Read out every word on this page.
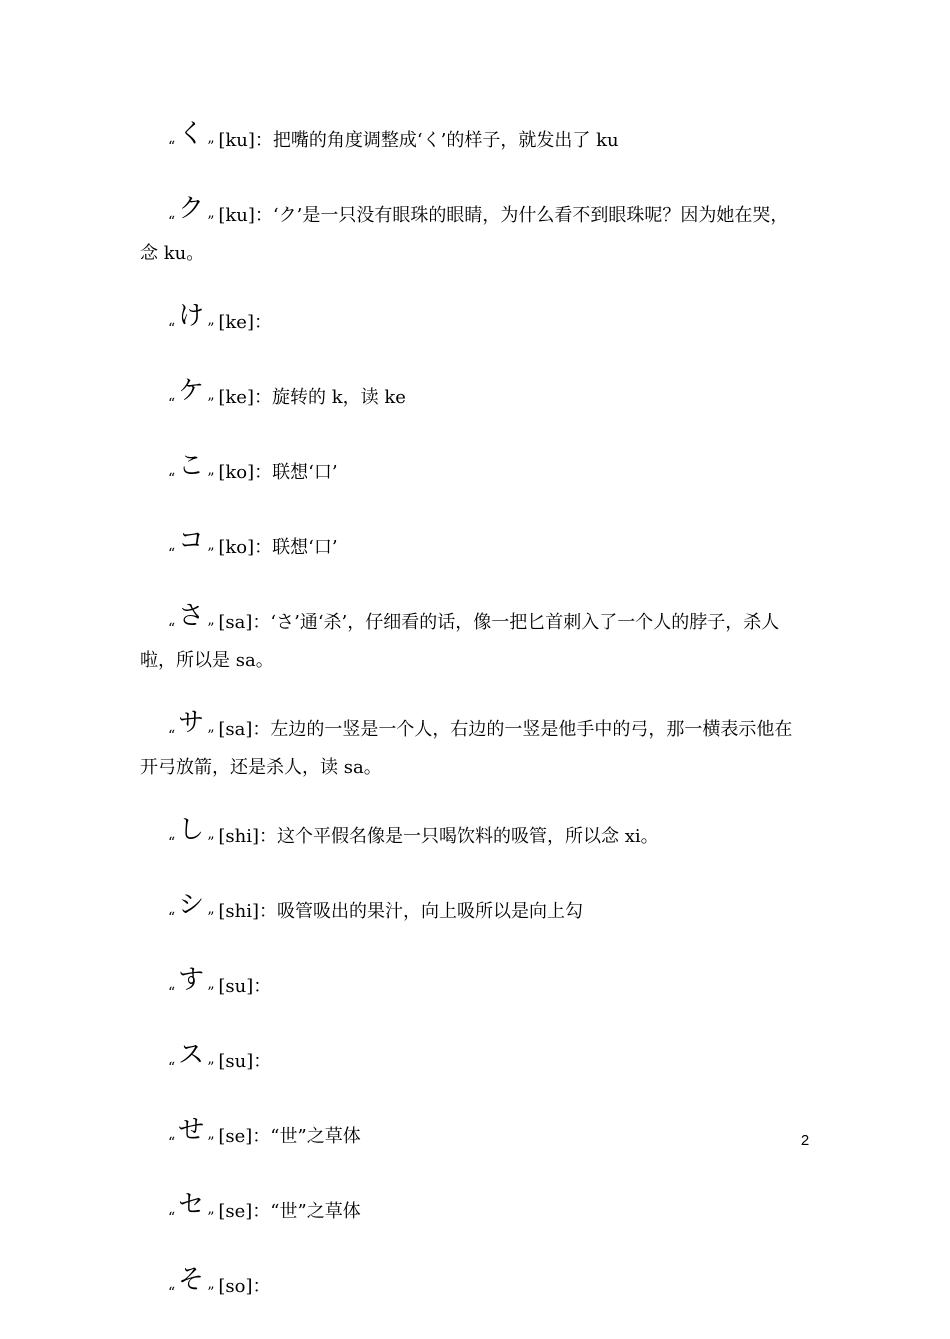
$_“$ く $_”$ [ku]：把嘴的角度调整成‘く’的样子，就发出了 ku

$_“$ ク $_”$ [ku]：‘ク’是一只没有眼珠的眼睛，为什么看不到眼珠呢？因为她在哭，念 ku。

$_“$ け $_”$ [ke]：

$_“$ ケ $_”$ [ke]：旋转的 k，读 ke

$_“$ こ $_”$ [ko]：联想‘口’

$_“$ コ $_”$ [ko]：联想‘口’

$_“$ さ $_”$ [sa]：‘さ’通‘杀’，仔细看的话，像一把匕首刺入了一个人的脖子，杀人啦，所以是 sa。

$_“$ サ $_”$ [sa]：左边的一竖是一个人，右边的一竖是他手中的弓，那一横表示他在开弓放箭，还是杀人，读 sa。

$_“$ し $_”$ [shi]：这个平假名像是一只喝饮料的吸管，所以念 xi。

$_“$ シ $_”$ [shi]：吸管吸出的果汁，向上吸所以是向上勾

$_“$ す $_”$ [su]：

$_“$ ス $_”$ [su]：

$_“$ せ $_”$ [se]：“世”之草体

$_“$ セ $_”$ [se]：“世”之草体

$_“$ そ $_”$ [so]：

2
